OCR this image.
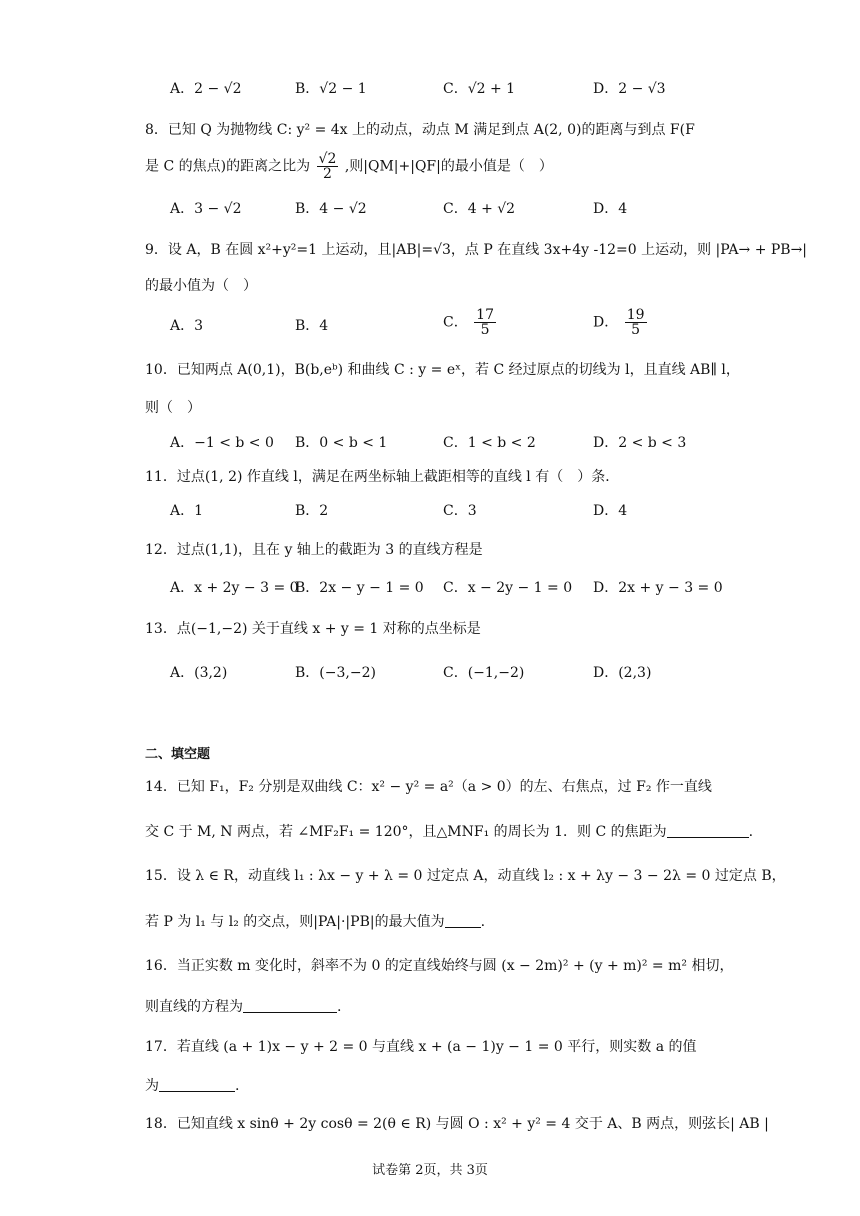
A．2 − √2	B．√2 − 1	C．√2 + 1	D．2 − √3
8．已知 Q 为抛物线 C: y² = 4x 上的动点，动点 M 满足到点 A(2, 0)的距离与到点 F(F
是 C 的焦点)的距离之比为 $\frac{√2}{2}$ ,则|QM|+|QF|的最小值是（　）
A．3 − √2	B．4 − √2	C．4 + √2	D．4
9．设 A，B 在圆 x²+y²=1 上运动，且|AB|=√3，点 P 在直线 3x+4y -12=0 上运动，则 |PA→ + PB→|
的最小值为（　）
A．3	B．4	C． $\frac{17}{5}$	D． $\frac{19}{5}$
10．已知两点 A(0,1)，B(b,eᵇ) 和曲线 C : y = eˣ，若 C 经过原点的切线为 l，且直线 AB∥ l，
则（　）
A．−1 < b < 0 B．0 < b < 1	C．1 < b < 2	D．2 < b < 3
11．过点(1, 2) 作直线 l，满足在两坐标轴上截距相等的直线 l 有（　）条．
A．1	B．2	C．3	D．4
12．过点(1,1)，且在 y 轴上的截距为 3 的直线方程是
A．x + 2y − 3 = 0
B．2x − y − 1 = 0 C．x − 2y − 1 = 0 D．2x + y − 3 = 0
13．点(−1,−2) 关于直线 x + y = 1 对称的点坐标是
A．(3,2)	B．(−3,−2)	C．(−1,−2)	D．(2,3)
二、填空题
14．已知 F₁，F₂ 分别是双曲线 C：x² − y² = a²（a > 0）的左、右焦点，过 F₂ 作一直线
交 C 于 M, N 两点，若 ∠MF₂F₁ = 120°，且△MNF₁ 的周长为 1．则 C 的焦距为	.
15．设 λ ∈ R，动直线 l₁ : λx − y + λ = 0 过定点 A，动直线 l₂ : x + λy − 3 − 2λ = 0 过定点 B，
若 P 为 l₁ 与 l₂ 的交点，则|PA|·|PB|的最大值为	.
16．当正实数 m 变化时，斜率不为 0 的定直线始终与圆 (x − 2m)² + (y + m)² = m² 相切，
则直线的方程为	.
17．若直线 (a + 1)x − y + 2 = 0 与直线 x + (a − 1)y − 1 = 0 平行，则实数 a 的值
为	.
18．已知直线 x sinθ + 2y cosθ = 2(θ ∈ R) 与圆 O : x² + y² = 4 交于 A、B 两点，则弦长| AB |
试卷第 2页，共 3页
